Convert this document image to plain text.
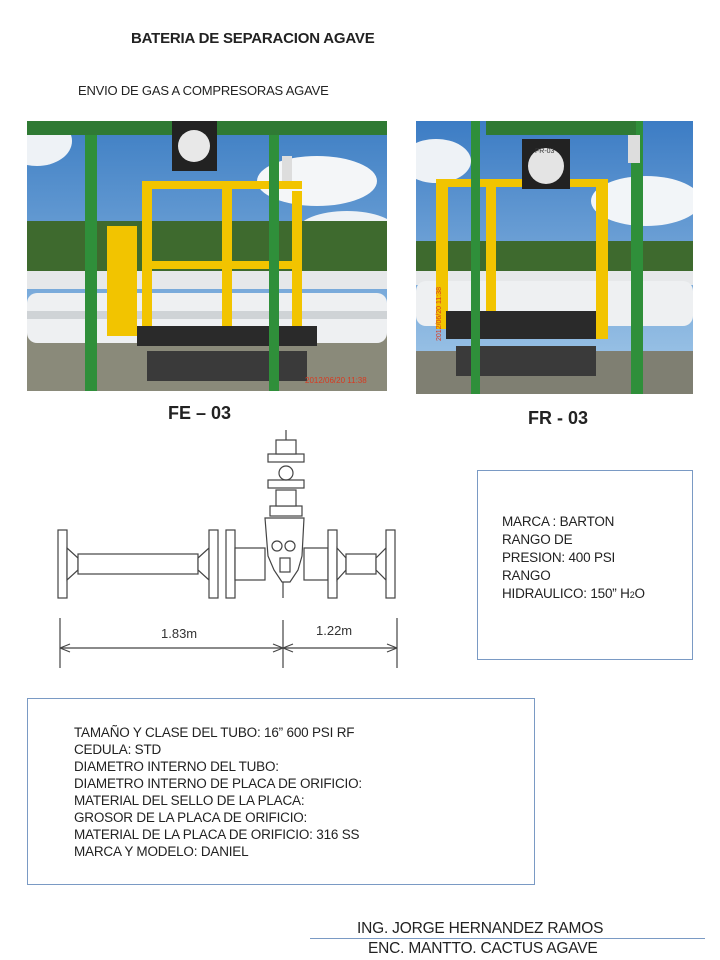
BATERIA DE SEPARACION AGAVE
ENVIO DE GAS A COMPRESORAS AGAVE
2012/06/20 11:38
FR-03
2012/06/20 11:38
FE – 03	FR - 03
1.83m	1.22m
MARCA : BARTON
RANGO DE
PRESION: 400 PSI
RANGO
HIDRAULICO: 150” H2O
TAMAÑO Y CLASE DEL TUBO: 16” 600 PSI RF
CEDULA: STD
DIAMETRO INTERNO DEL TUBO:
DIAMETRO INTERNO DE PLACA DE ORIFICIO:
MATERIAL DEL SELLO DE LA PLACA:
GROSOR DE LA PLACA DE ORIFICIO:
MATERIAL DE LA PLACA DE ORIFICIO: 316 SS
MARCA Y MODELO: DANIEL
ING. JORGE HERNANDEZ RAMOS
ENC. MANTTO. CACTUS AGAVE
